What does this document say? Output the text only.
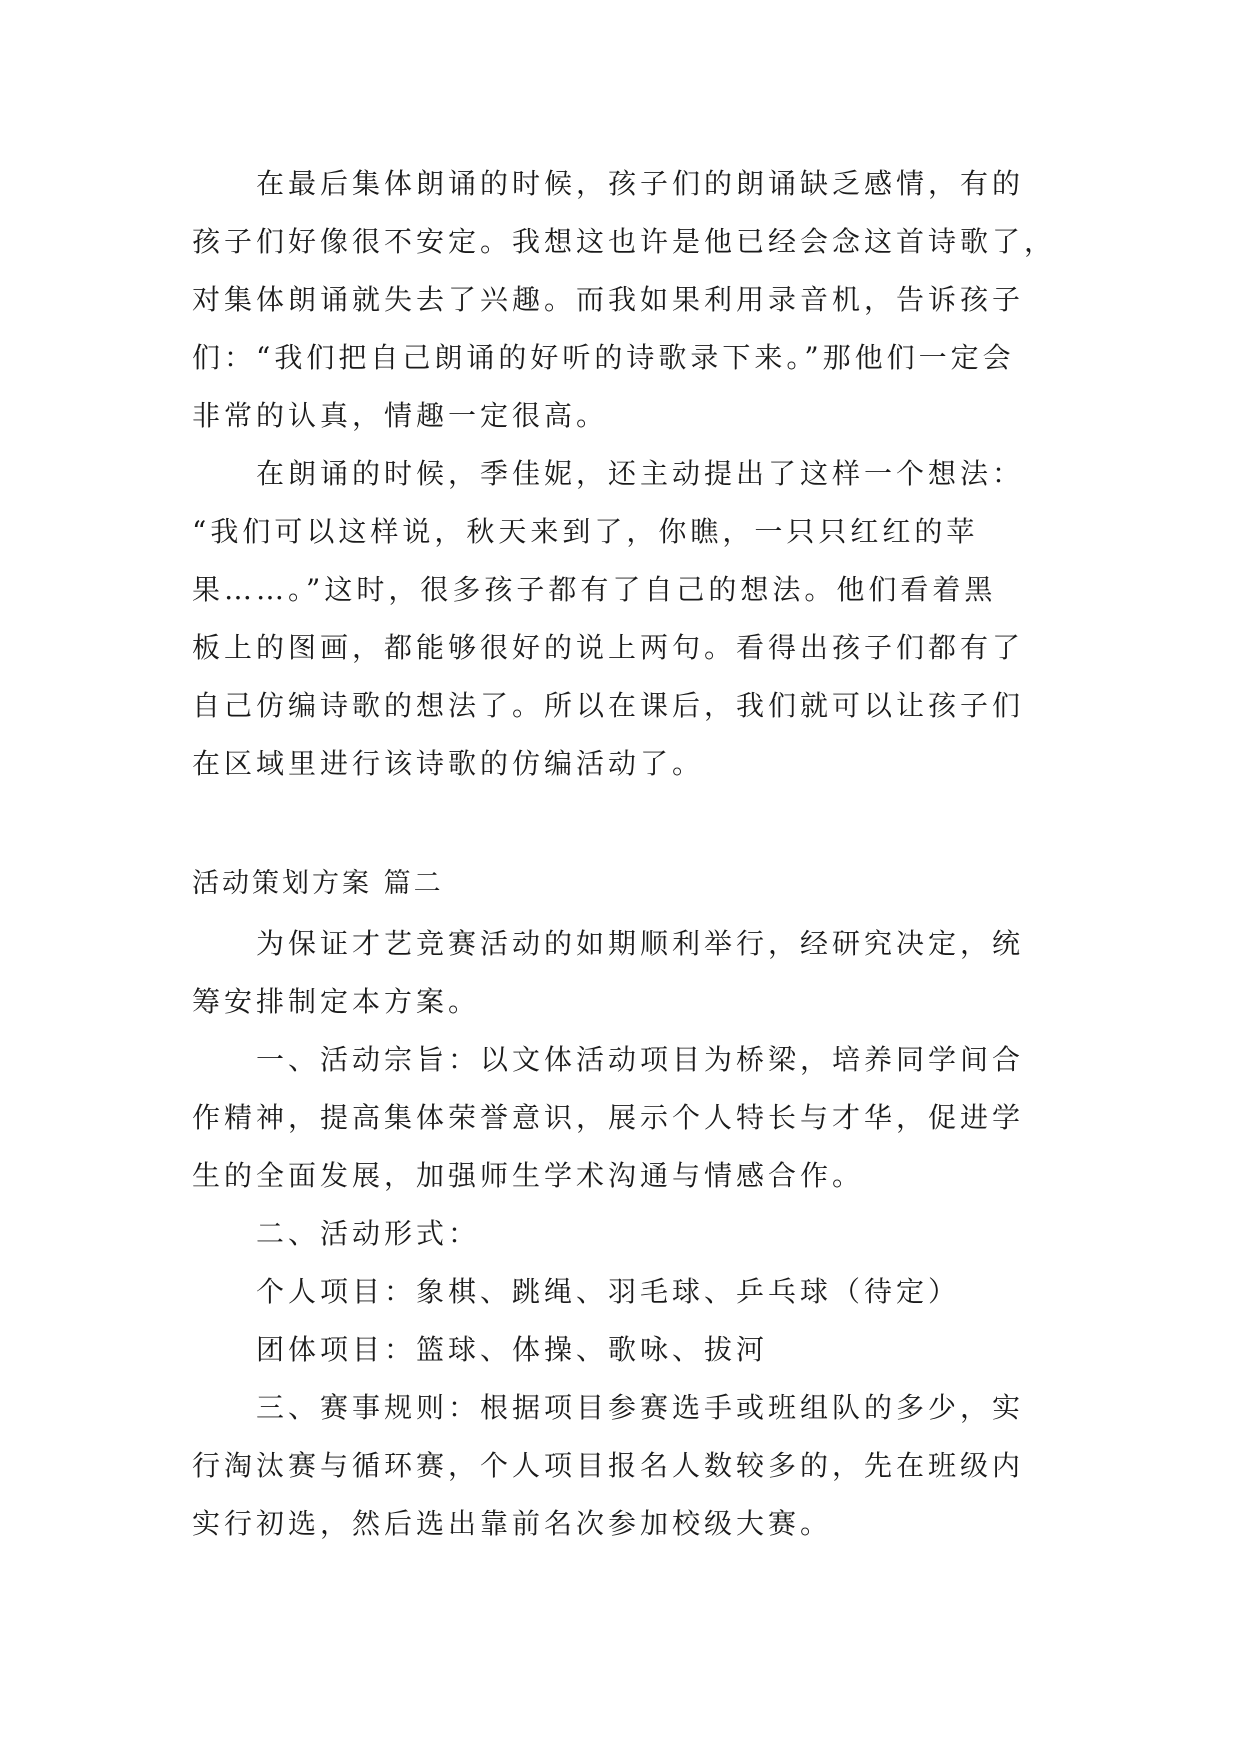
在最后集体朗诵的时候，孩子们的朗诵缺乏感情，有的
孩子们好像很不安定。我想这也许是他已经会念这首诗歌了，
对集体朗诵就失去了兴趣。而我如果利用录音机，告诉孩子
们：“我们把自己朗诵的好听的诗歌录下来。”那他们一定会
非常的认真，情趣一定很高。
在朗诵的时候，季佳妮，还主动提出了这样一个想法：
“我们可以这样说，秋天来到了，你瞧，一只只红红的苹
果……。”这时，很多孩子都有了自己的想法。他们看着黑
板上的图画，都能够很好的说上两句。看得出孩子们都有了
自己仿编诗歌的想法了。所以在课后，我们就可以让孩子们
在区域里进行该诗歌的仿编活动了。
活动策划方案 篇二
为保证才艺竞赛活动的如期顺利举行，经研究决定，统
筹安排制定本方案。
一、活动宗旨：以文体活动项目为桥梁，培养同学间合
作精神，提高集体荣誉意识，展示个人特长与才华，促进学
生的全面发展，加强师生学术沟通与情感合作。
二、活动形式：
个人项目：象棋、跳绳、羽毛球、乒乓球（待定）
团体项目：篮球、体操、歌咏、拔河
三、赛事规则：根据项目参赛选手或班组队的多少，实
行淘汰赛与循环赛，个人项目报名人数较多的，先在班级内
实行初选，然后选出靠前名次参加校级大赛。
